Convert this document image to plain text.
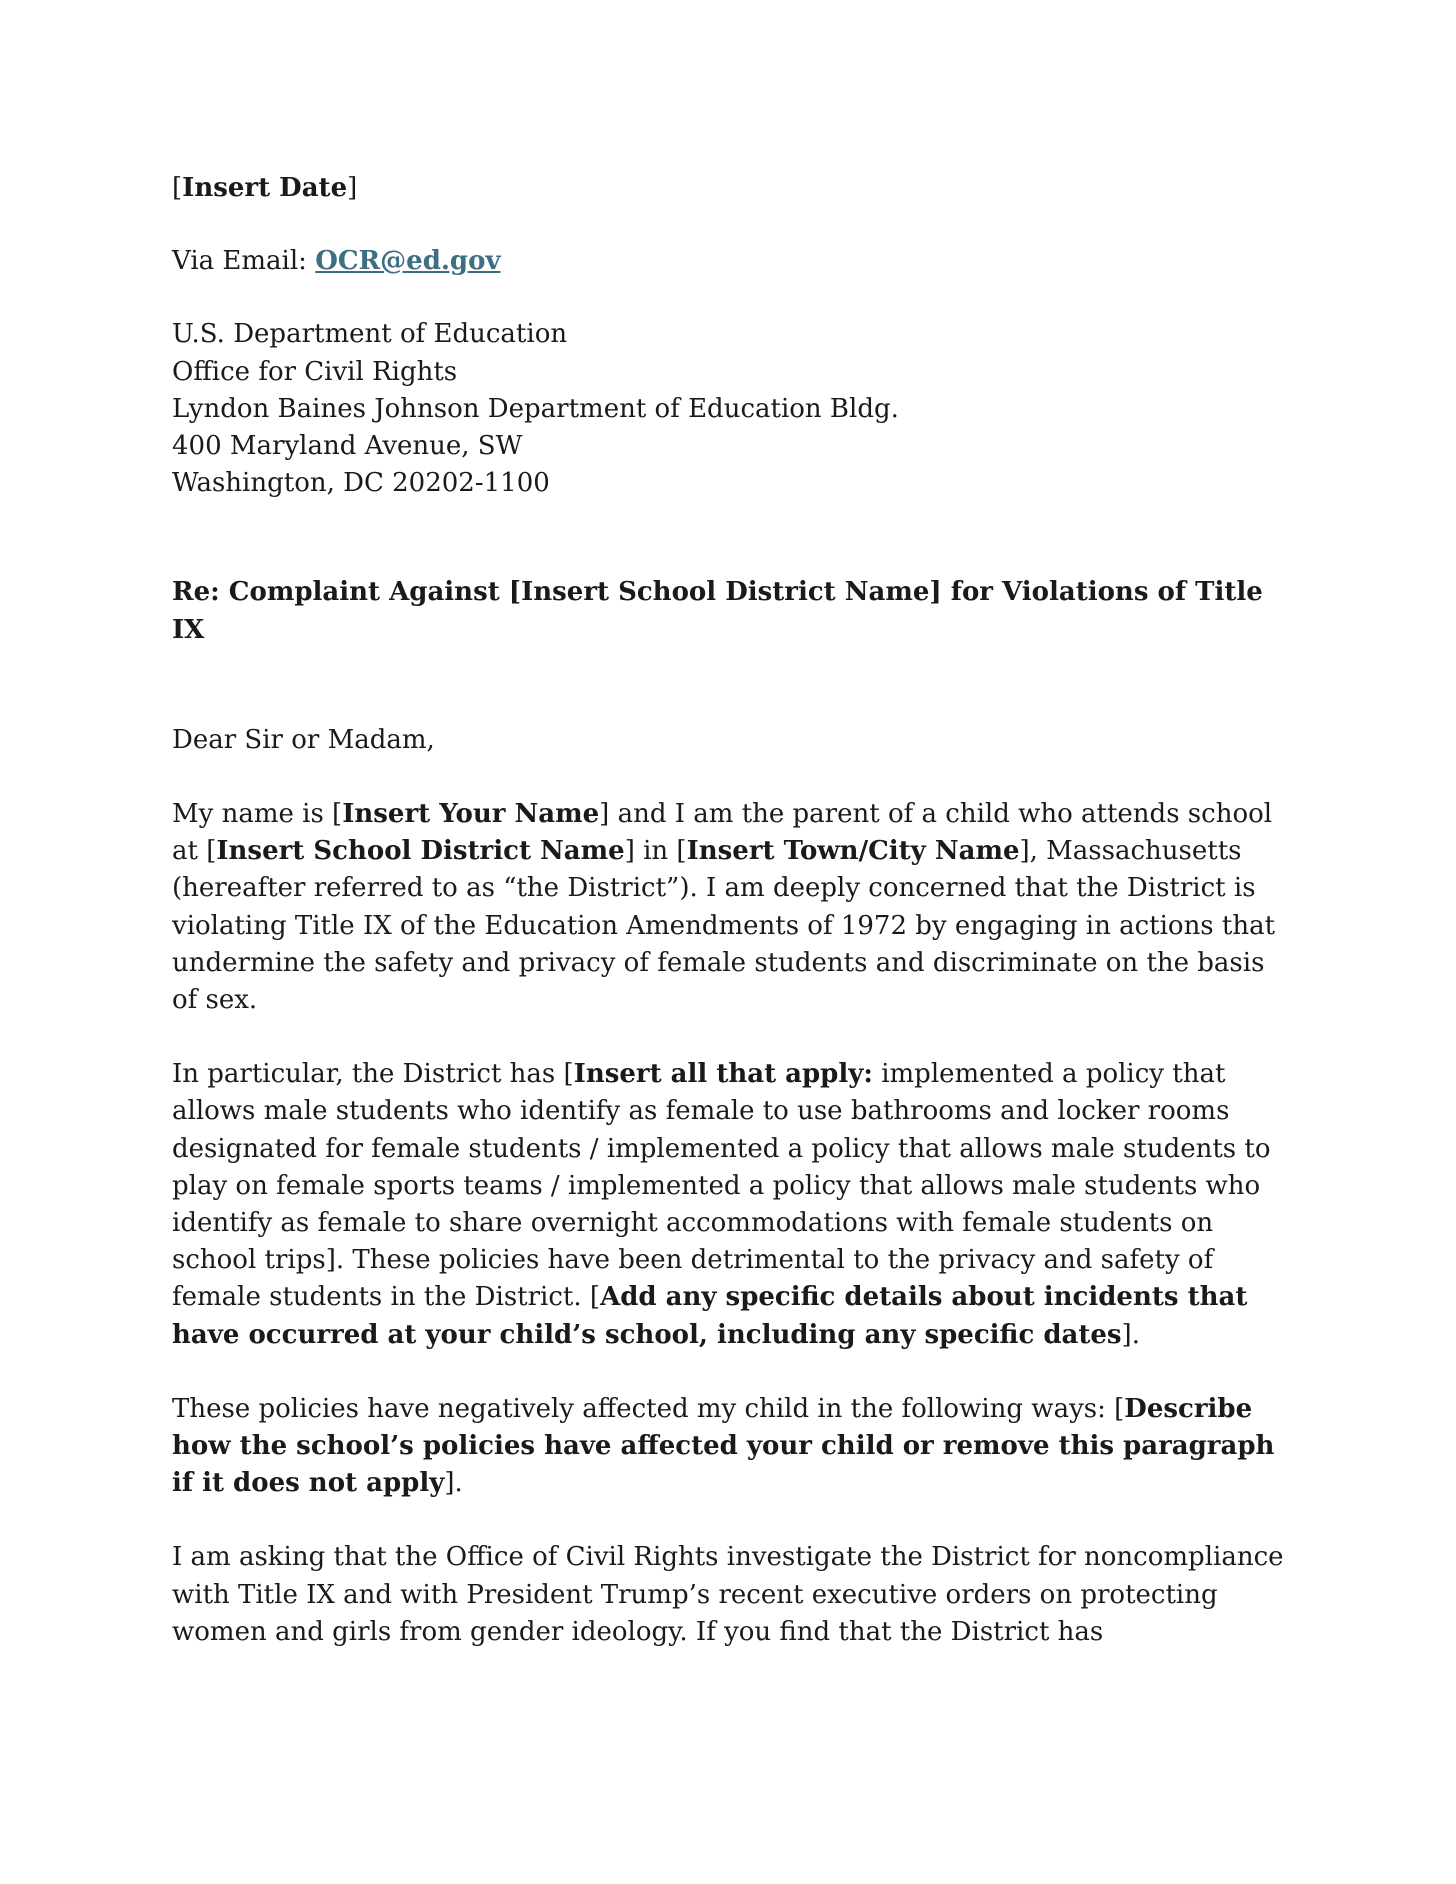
[Insert Date]

Via Email: OCR@ed.gov

U.S. Department of Education

Office for Civil Rights

Lyndon Baines Johnson Department of Education Bldg.

400 Maryland Avenue, SW

Washington, DC 20202-1100

Re: Complaint Against [Insert School District Name] for Violations of Title IX

Dear Sir or Madam,

My name is [Insert Your Name] and I am the parent of a child who attends school at [Insert School District Name] in [Insert Town/City Name], Massachusetts (hereafter referred to as “the District”). I am deeply concerned that the District is violating Title IX of the Education Amendments of 1972 by engaging in actions that undermine the safety and privacy of female students and discriminate on the basis of sex.

In particular, the District has [Insert all that apply: implemented a policy that allows male students who identify as female to use bathrooms and locker rooms designated for female students / implemented a policy that allows male students to play on female sports teams / implemented a policy that allows male students who identify as female to share overnight accommodations with female students on school trips]. These policies have been detrimental to the privacy and safety of female students in the District. [Add any specific details about incidents that have occurred at your child’s school, including any specific dates].

These policies have negatively affected my child in the following ways: [Describe how the school’s policies have affected your child or remove this paragraph if it does not apply].

I am asking that the Office of Civil Rights investigate the District for noncompliance with Title IX and with President Trump’s recent executive orders on protecting women and girls from gender ideology. If you find that the District has
